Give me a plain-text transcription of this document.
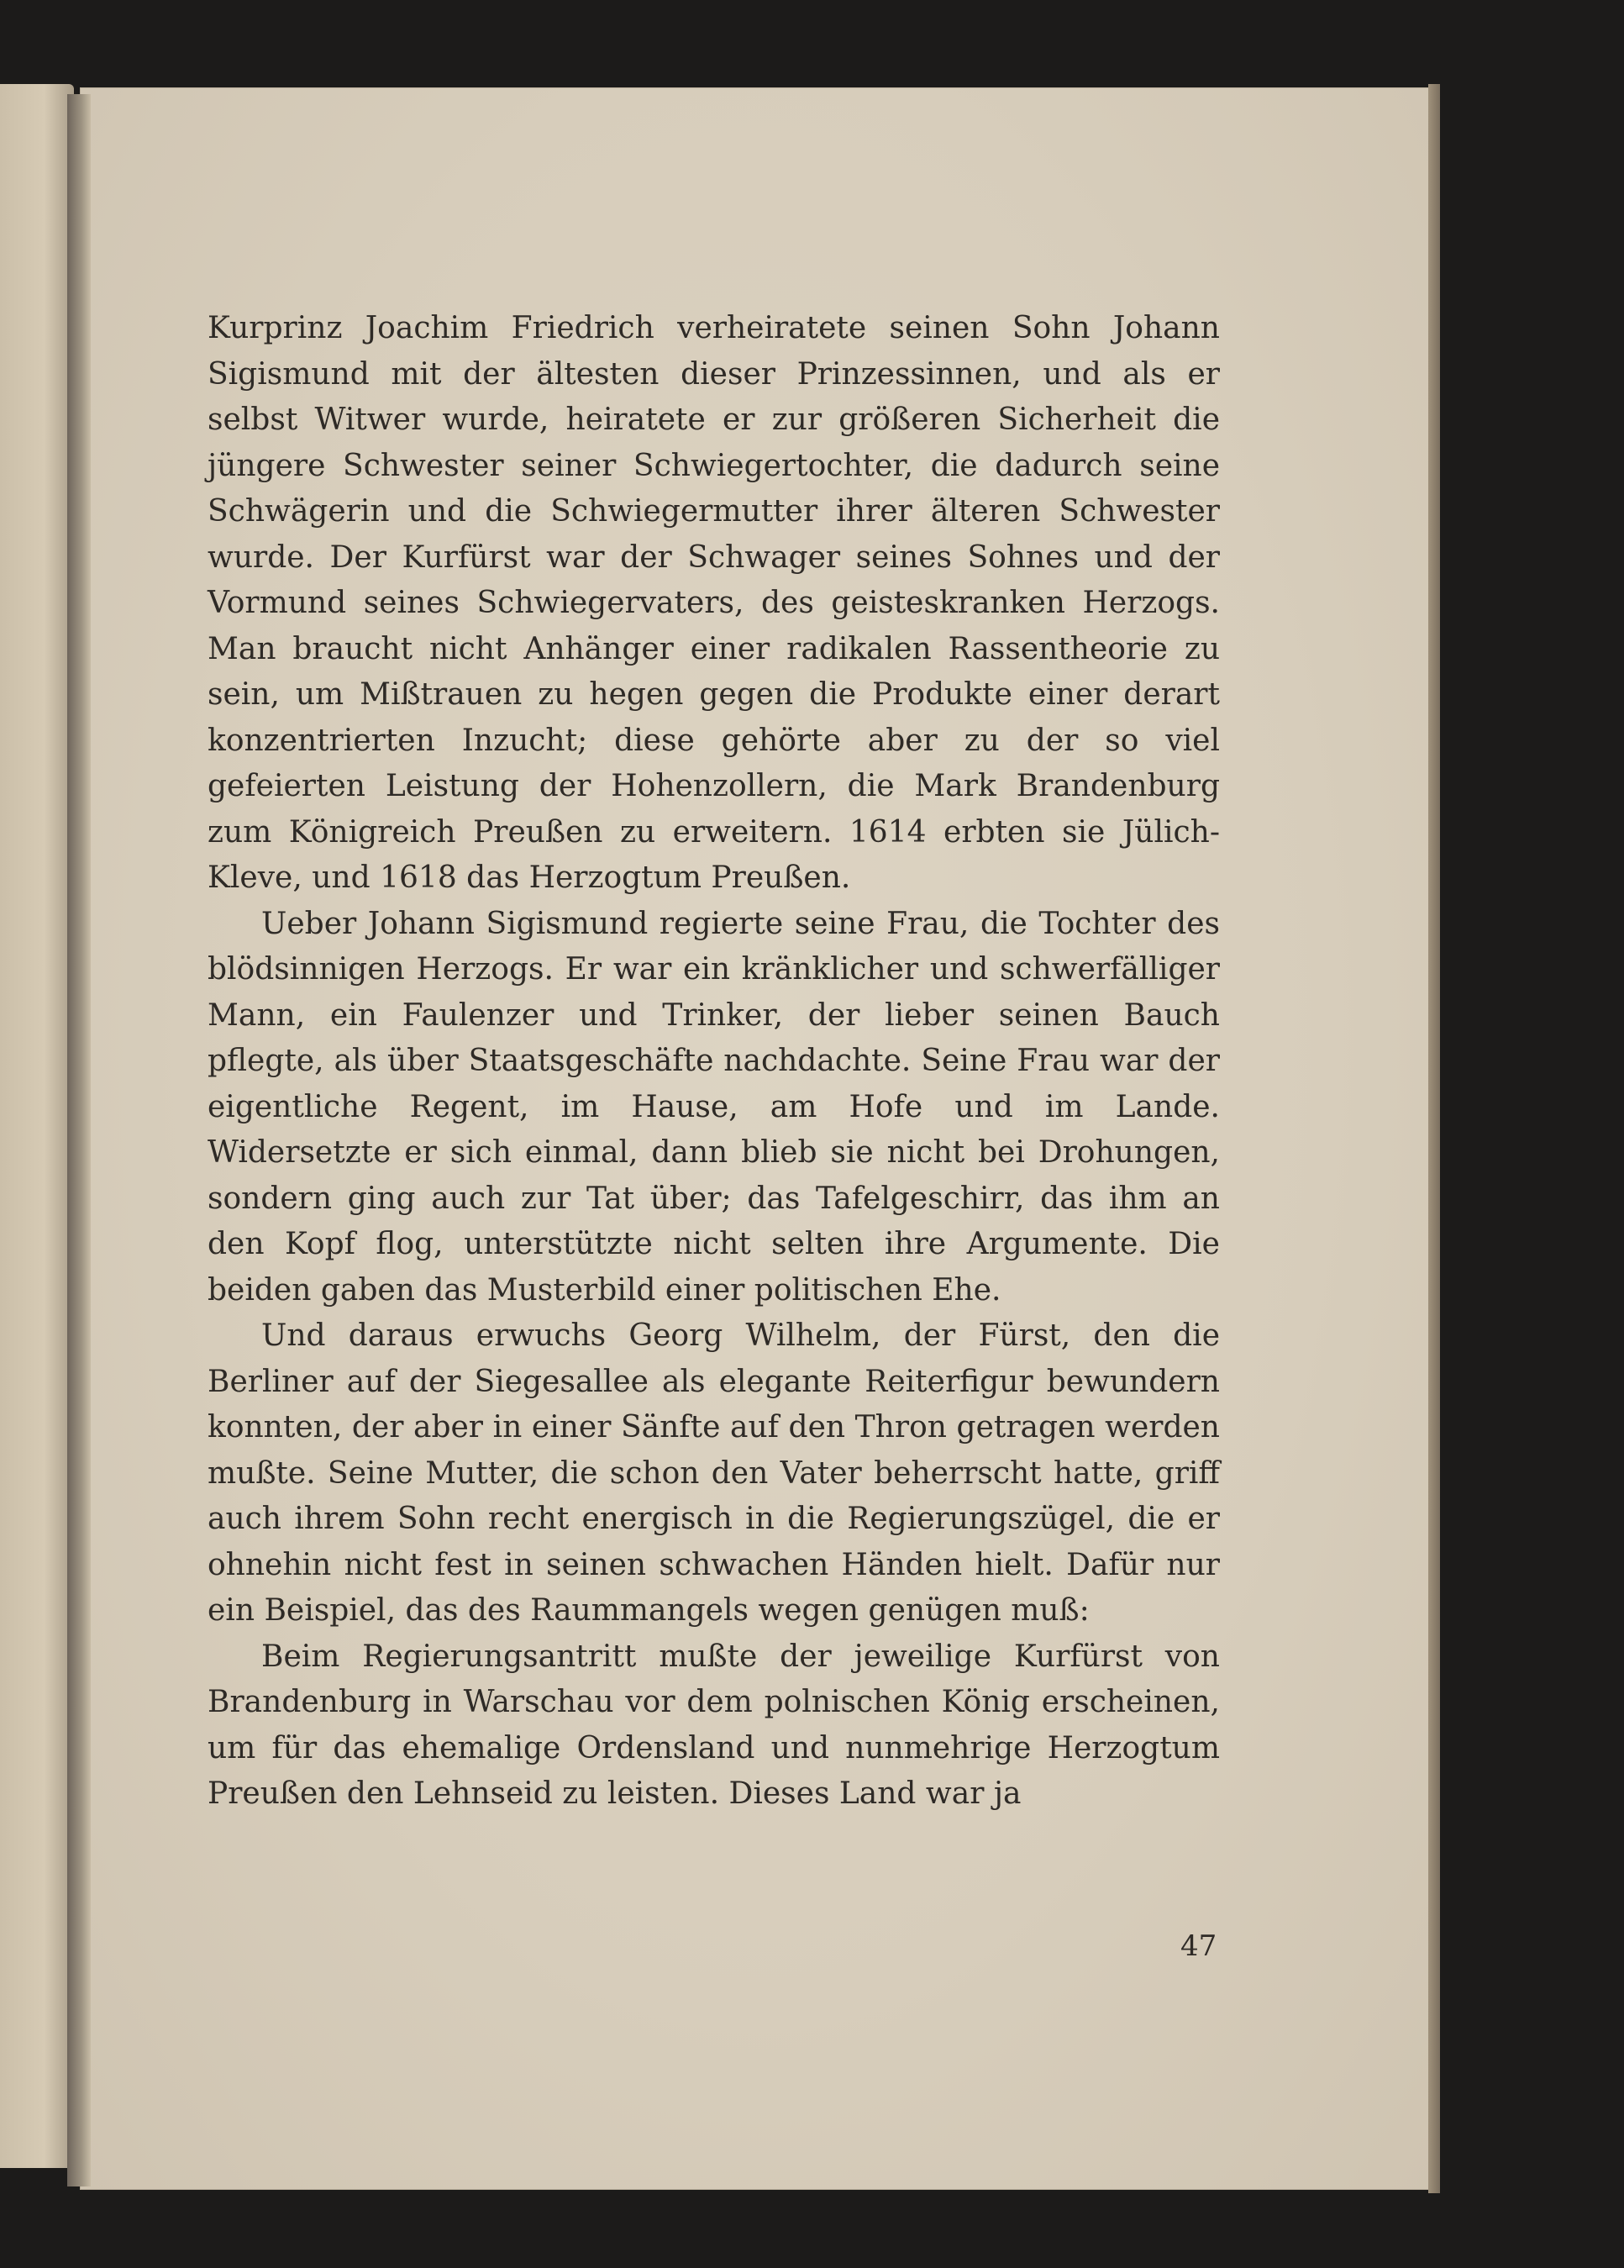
Kurprinz Joachim Friedrich verheiratete seinen Sohn Johann Sigismund mit der ältesten dieser Prinzessinnen, und als er selbst Witwer wurde, heiratete er zur größeren Sicherheit die jüngere Schwester seiner Schwiegertochter, die dadurch seine Schwägerin und die Schwiegermutter ihrer älteren Schwester wurde. Der Kurfürst war der Schwager seines Sohnes und der Vormund seines Schwiegervaters, des geisteskranken Herzogs. Man braucht nicht Anhänger einer radikalen Rassentheorie zu sein, um Mißtrauen zu hegen gegen die Produkte einer derart konzentrierten Inzucht; diese gehörte aber zu der so viel gefeierten Leistung der Hohenzollern, die Mark Brandenburg zum Königreich Preußen zu erweitern. 1614 erbten sie Jülich-Kleve, und 1618 das Herzogtum Preußen.

Ueber Johann Sigismund regierte seine Frau, die Tochter des blödsinnigen Herzogs. Er war ein kränklicher und schwerfälliger Mann, ein Faulenzer und Trinker, der lieber seinen Bauch pflegte, als über Staatsgeschäfte nachdachte. Seine Frau war der eigentliche Regent, im Hause, am Hofe und im Lande. Widersetzte er sich einmal, dann blieb sie nicht bei Drohungen, sondern ging auch zur Tat über; das Tafelgeschirr, das ihm an den Kopf flog, unterstützte nicht selten ihre Argumente. Die beiden gaben das Musterbild einer politischen Ehe.

Und daraus erwuchs Georg Wilhelm, der Fürst, den die Berliner auf der Siegesallee als elegante Reiterfigur bewundern konnten, der aber in einer Sänfte auf den Thron getragen werden mußte. Seine Mutter, die schon den Vater beherrscht hatte, griff auch ihrem Sohn recht energisch in die Regierungszügel, die er ohnehin nicht fest in seinen schwachen Händen hielt. Dafür nur ein Beispiel, das des Raummangels wegen genügen muß:

Beim Regierungsantritt mußte der jeweilige Kurfürst von Brandenburg in Warschau vor dem polnischen König erscheinen, um für das ehemalige Ordensland und nunmehrige Herzogtum Preußen den Lehnseid zu leisten. Dieses Land war ja

47
